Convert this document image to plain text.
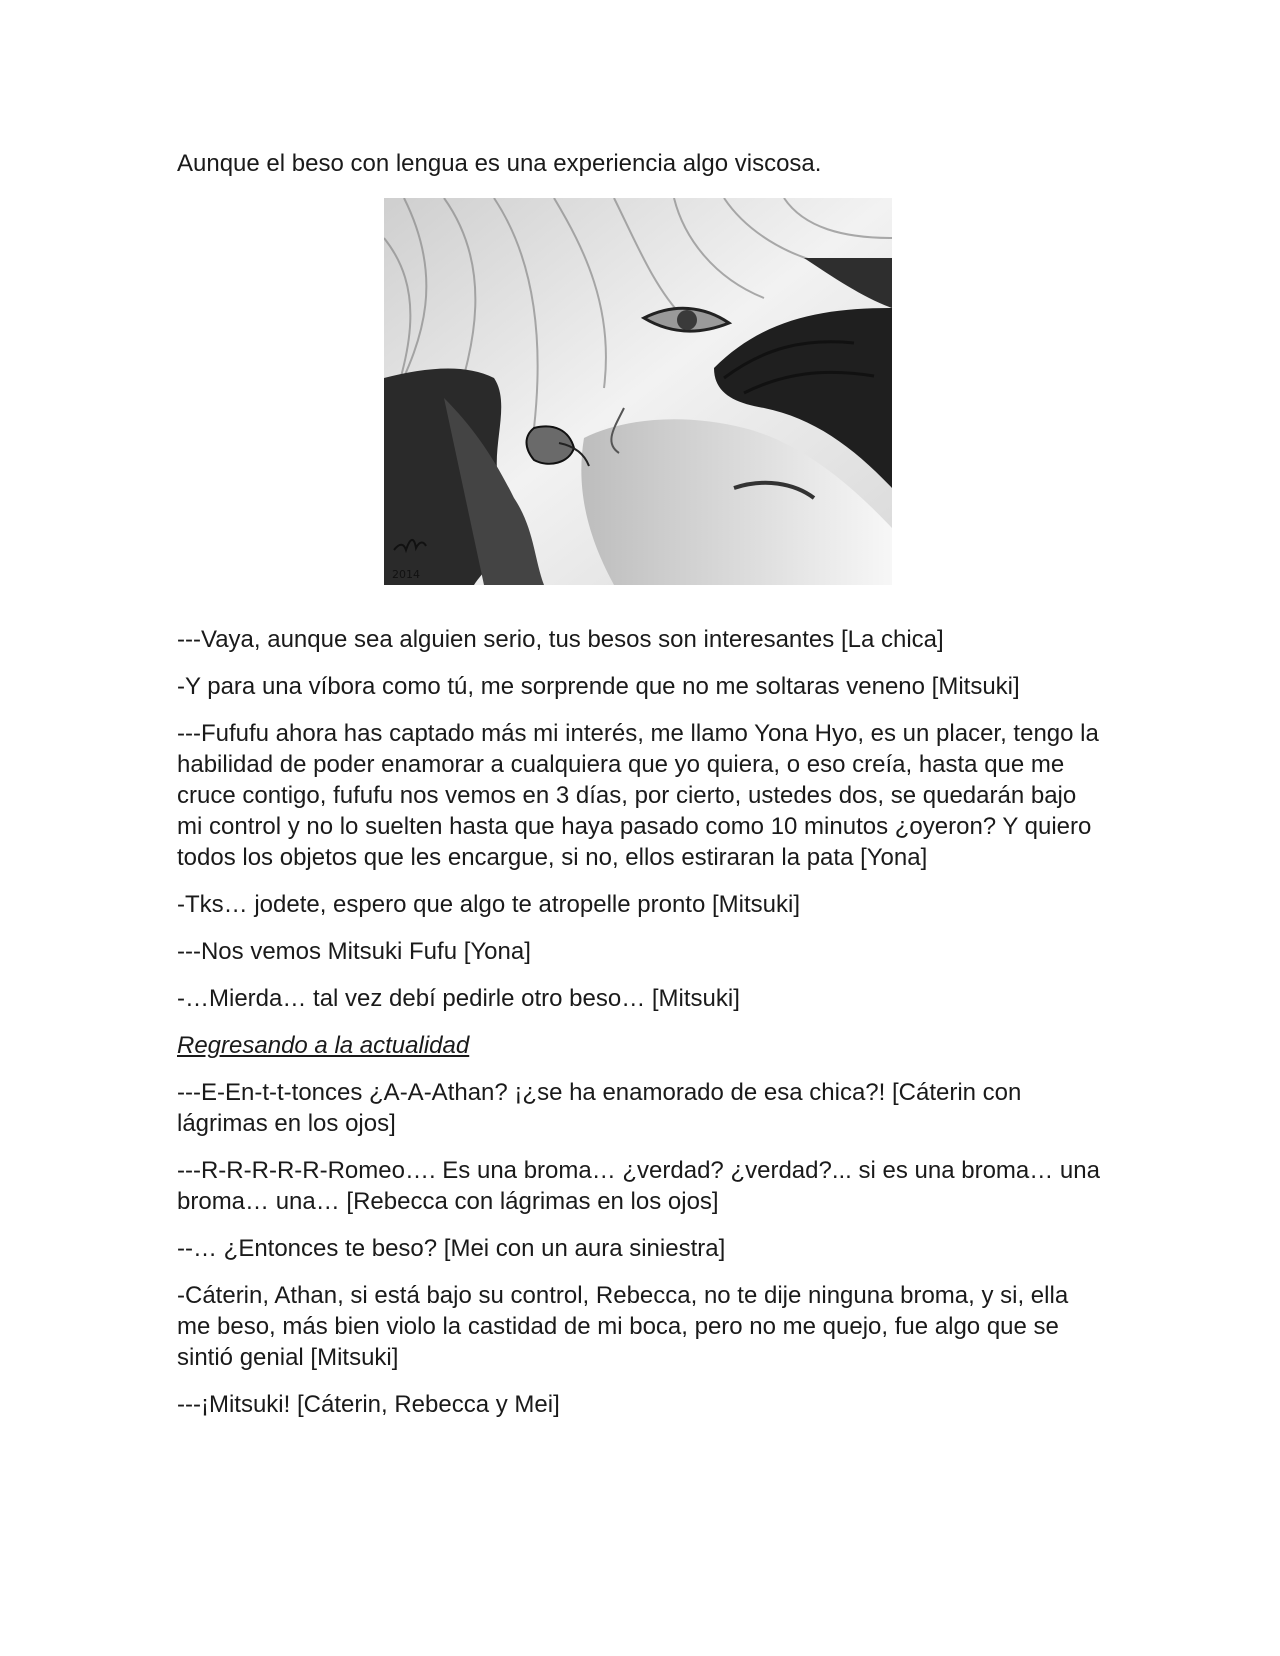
Aunque el beso con lengua es una experiencia algo viscosa.

2014

---Vaya, aunque sea alguien serio, tus besos son interesantes [La chica]

-Y para una víbora como tú, me sorprende que no me soltaras veneno [Mitsuki]

---Fufufu ahora has captado más mi interés, me llamo Yona Hyo, es un placer, tengo la habilidad de poder enamorar a cualquiera que yo quiera, o eso creía, hasta que me cruce contigo, fufufu nos vemos en 3 días, por cierto, ustedes dos, se quedarán bajo mi control y no lo suelten hasta que haya pasado como 10 minutos ¿oyeron? Y quiero todos los objetos que les encargue, si no, ellos estiraran la pata [Yona]

-Tks… jodete, espero que algo te atropelle pronto [Mitsuki]

---Nos vemos Mitsuki Fufu [Yona]

-…Mierda… tal vez debí pedirle otro beso… [Mitsuki]

Regresando a la actualidad

---E-En-t-t-tonces ¿A-A-Athan? ¡¿se ha enamorado de esa chica?! [Cáterin con lágrimas en los ojos]

---R-R-R-R-R-Romeo…. Es una broma… ¿verdad? ¿verdad?... si es una broma… una broma… una… [Rebecca con lágrimas en los ojos]

--… ¿Entonces te beso? [Mei con un aura siniestra]

-Cáterin, Athan, si está bajo su control, Rebecca, no te dije ninguna broma, y si, ella me beso, más bien violo la castidad de mi boca, pero no me quejo, fue algo que se sintió genial [Mitsuki]

---¡Mitsuki! [Cáterin, Rebecca y Mei]
